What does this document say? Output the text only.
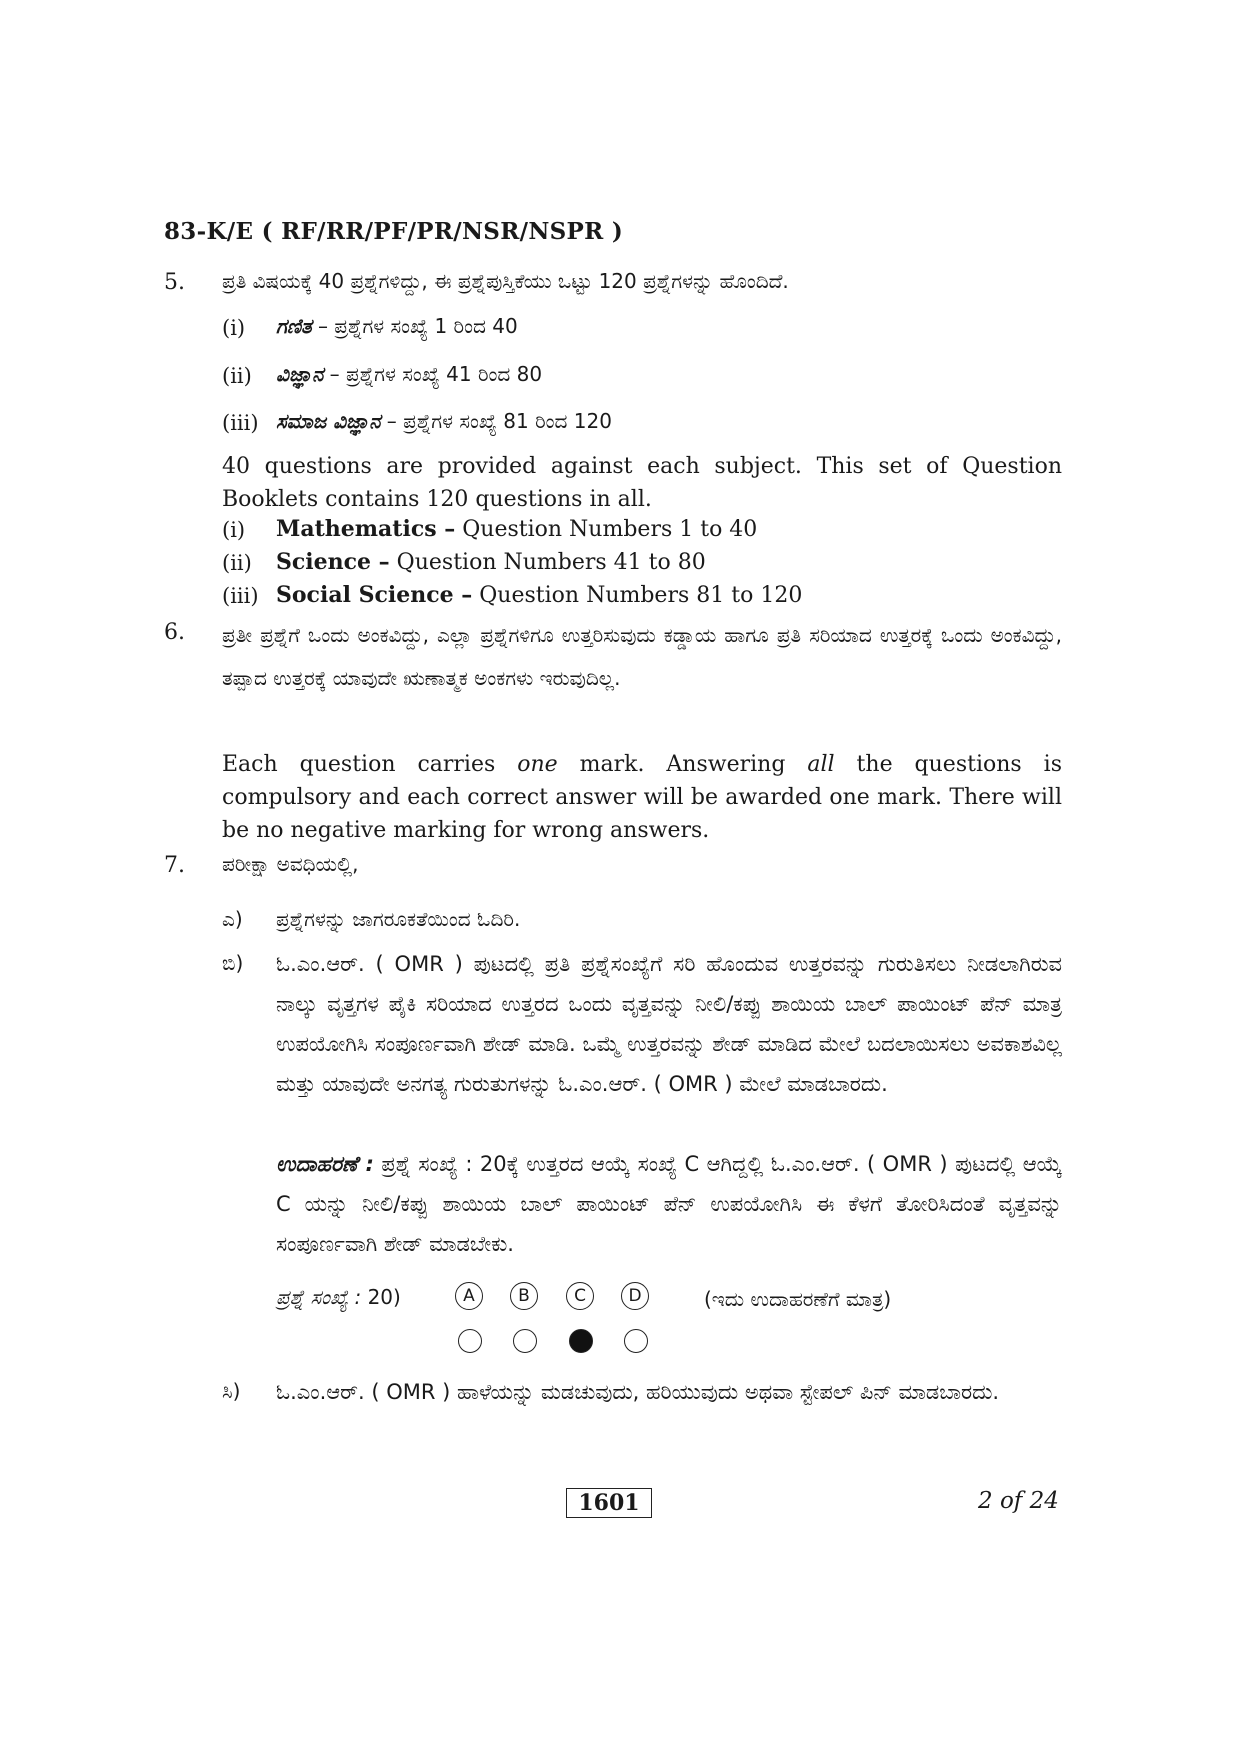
83-K/E ( RF/RR/PF/PR/NSR/NSPR )
5. ಪ್ರತಿ ವಿಷಯಕ್ಕೆ 40 ಪ್ರಶ್ನೆಗಳಿದ್ದು, ಈ ಪ್ರಶ್ನೆಪುಸ್ತಿಕೆಯು ಒಟ್ಟು 120 ಪ್ರಶ್ನೆಗಳನ್ನು ಹೊಂದಿದೆ.
(i) ಗಣಿತ – ಪ್ರಶ್ನೆಗಳ ಸಂಖ್ಯೆ 1 ರಿಂದ 40
(ii) ವಿಜ್ಞಾನ – ಪ್ರಶ್ನೆಗಳ ಸಂಖ್ಯೆ 41 ರಿಂದ 80
(iii) ಸಮಾಜ ವಿಜ್ಞಾನ – ಪ್ರಶ್ನೆಗಳ ಸಂಖ್ಯೆ 81 ರಿಂದ 120
40 questions are provided against each subject. This set of Question Booklets contains 120 questions in all.
(i) Mathematics – Question Numbers 1 to 40
(ii) Science – Question Numbers 41 to 80
(iii) Social Science – Question Numbers 81 to 120
6. ಪ್ರತೀ ಪ್ರಶ್ನೆಗೆ ಒಂದು ಅಂಕವಿದ್ದು, ಎಲ್ಲಾ ಪ್ರಶ್ನೆಗಳಿಗೂ ಉತ್ತರಿಸುವುದು ಕಡ್ಡಾಯ ಹಾಗೂ ಪ್ರತಿ ಸರಿಯಾದ ಉತ್ತರಕ್ಕೆ ಒಂದು ಅಂಕವಿದ್ದು, ತಪ್ಪಾದ ಉತ್ತರಕ್ಕೆ ಯಾವುದೇ ಋಣಾತ್ಮಕ ಅಂಕಗಳು ಇರುವುದಿಲ್ಲ.
Each question carries one mark. Answering all the questions is compulsory and each correct answer will be awarded one mark. There will be no negative marking for wrong answers.
7. ಪರೀಕ್ಷಾ ಅವಧಿಯಲ್ಲಿ,
ಎ) ಪ್ರಶ್ನೆಗಳನ್ನು ಜಾಗರೂಕತೆಯಿಂದ ಓದಿರಿ.
ಬಿ) ಓ.ಎಂ.ಆರ್. ( OMR ) ಪುಟದಲ್ಲಿ ಪ್ರತಿ ಪ್ರಶ್ನೆಸಂಖ್ಯೆಗೆ ಸರಿ ಹೊಂದುವ ಉತ್ತರವನ್ನು ಗುರುತಿಸಲು ನೀಡಲಾಗಿರುವ ನಾಲ್ಕು ವೃತ್ತಗಳ ಪೈಕಿ ಸರಿಯಾದ ಉತ್ತರದ ಒಂದು ವೃತ್ತವನ್ನು ನೀಲಿ/ಕಪ್ಪು ಶಾಯಿಯ ಬಾಲ್ ಪಾಯಿಂಟ್ ಪೆನ್ ಮಾತ್ರ ಉಪಯೋಗಿಸಿ ಸಂಪೂರ್ಣವಾಗಿ ಶೇಡ್ ಮಾಡಿ. ಒಮ್ಮೆ ಉತ್ತರವನ್ನು ಶೇಡ್ ಮಾಡಿದ ಮೇಲೆ ಬದಲಾಯಿಸಲು ಅವಕಾಶವಿಲ್ಲ ಮತ್ತು ಯಾವುದೇ ಅನಗತ್ಯ ಗುರುತುಗಳನ್ನು ಓ.ಎಂ.ಆರ್. ( OMR ) ಮೇಲೆ ಮಾಡಬಾರದು.
ಉದಾಹರಣೆ : ಪ್ರಶ್ನೆ ಸಂಖ್ಯೆ : 20ಕ್ಕೆ ಉತ್ತರದ ಆಯ್ಕೆ ಸಂಖ್ಯೆ C ಆಗಿದ್ದಲ್ಲಿ ಓ.ಎಂ.ಆರ್. ( OMR ) ಪುಟದಲ್ಲಿ ಆಯ್ಕೆ C ಯನ್ನು ನೀಲಿ/ಕಪ್ಪು ಶಾಯಿಯ ಬಾಲ್ ಪಾಯಿಂಟ್ ಪೆನ್ ಉಪಯೋಗಿಸಿ ಈ ಕೆಳಗೆ ತೋರಿಸಿದಂತೆ ವೃತ್ತವನ್ನು ಸಂಪೂರ್ಣವಾಗಿ ಶೇಡ್ ಮಾಡಬೇಕು.
ಪ್ರಶ್ನೆ ಸಂಖ್ಯೆ : 20)	A	B	C	D	(ಇದು ಉದಾಹರಣೆಗೆ ಮಾತ್ರ)
ಸಿ) ಓ.ಎಂ.ಆರ್. ( OMR ) ಹಾಳೆಯನ್ನು ಮಡಚುವುದು, ಹರಿಯುವುದು ಅಥವಾ ಸ್ಟೇಪಲ್ ಪಿನ್ ಮಾಡಬಾರದು.
1601	2 of 24
